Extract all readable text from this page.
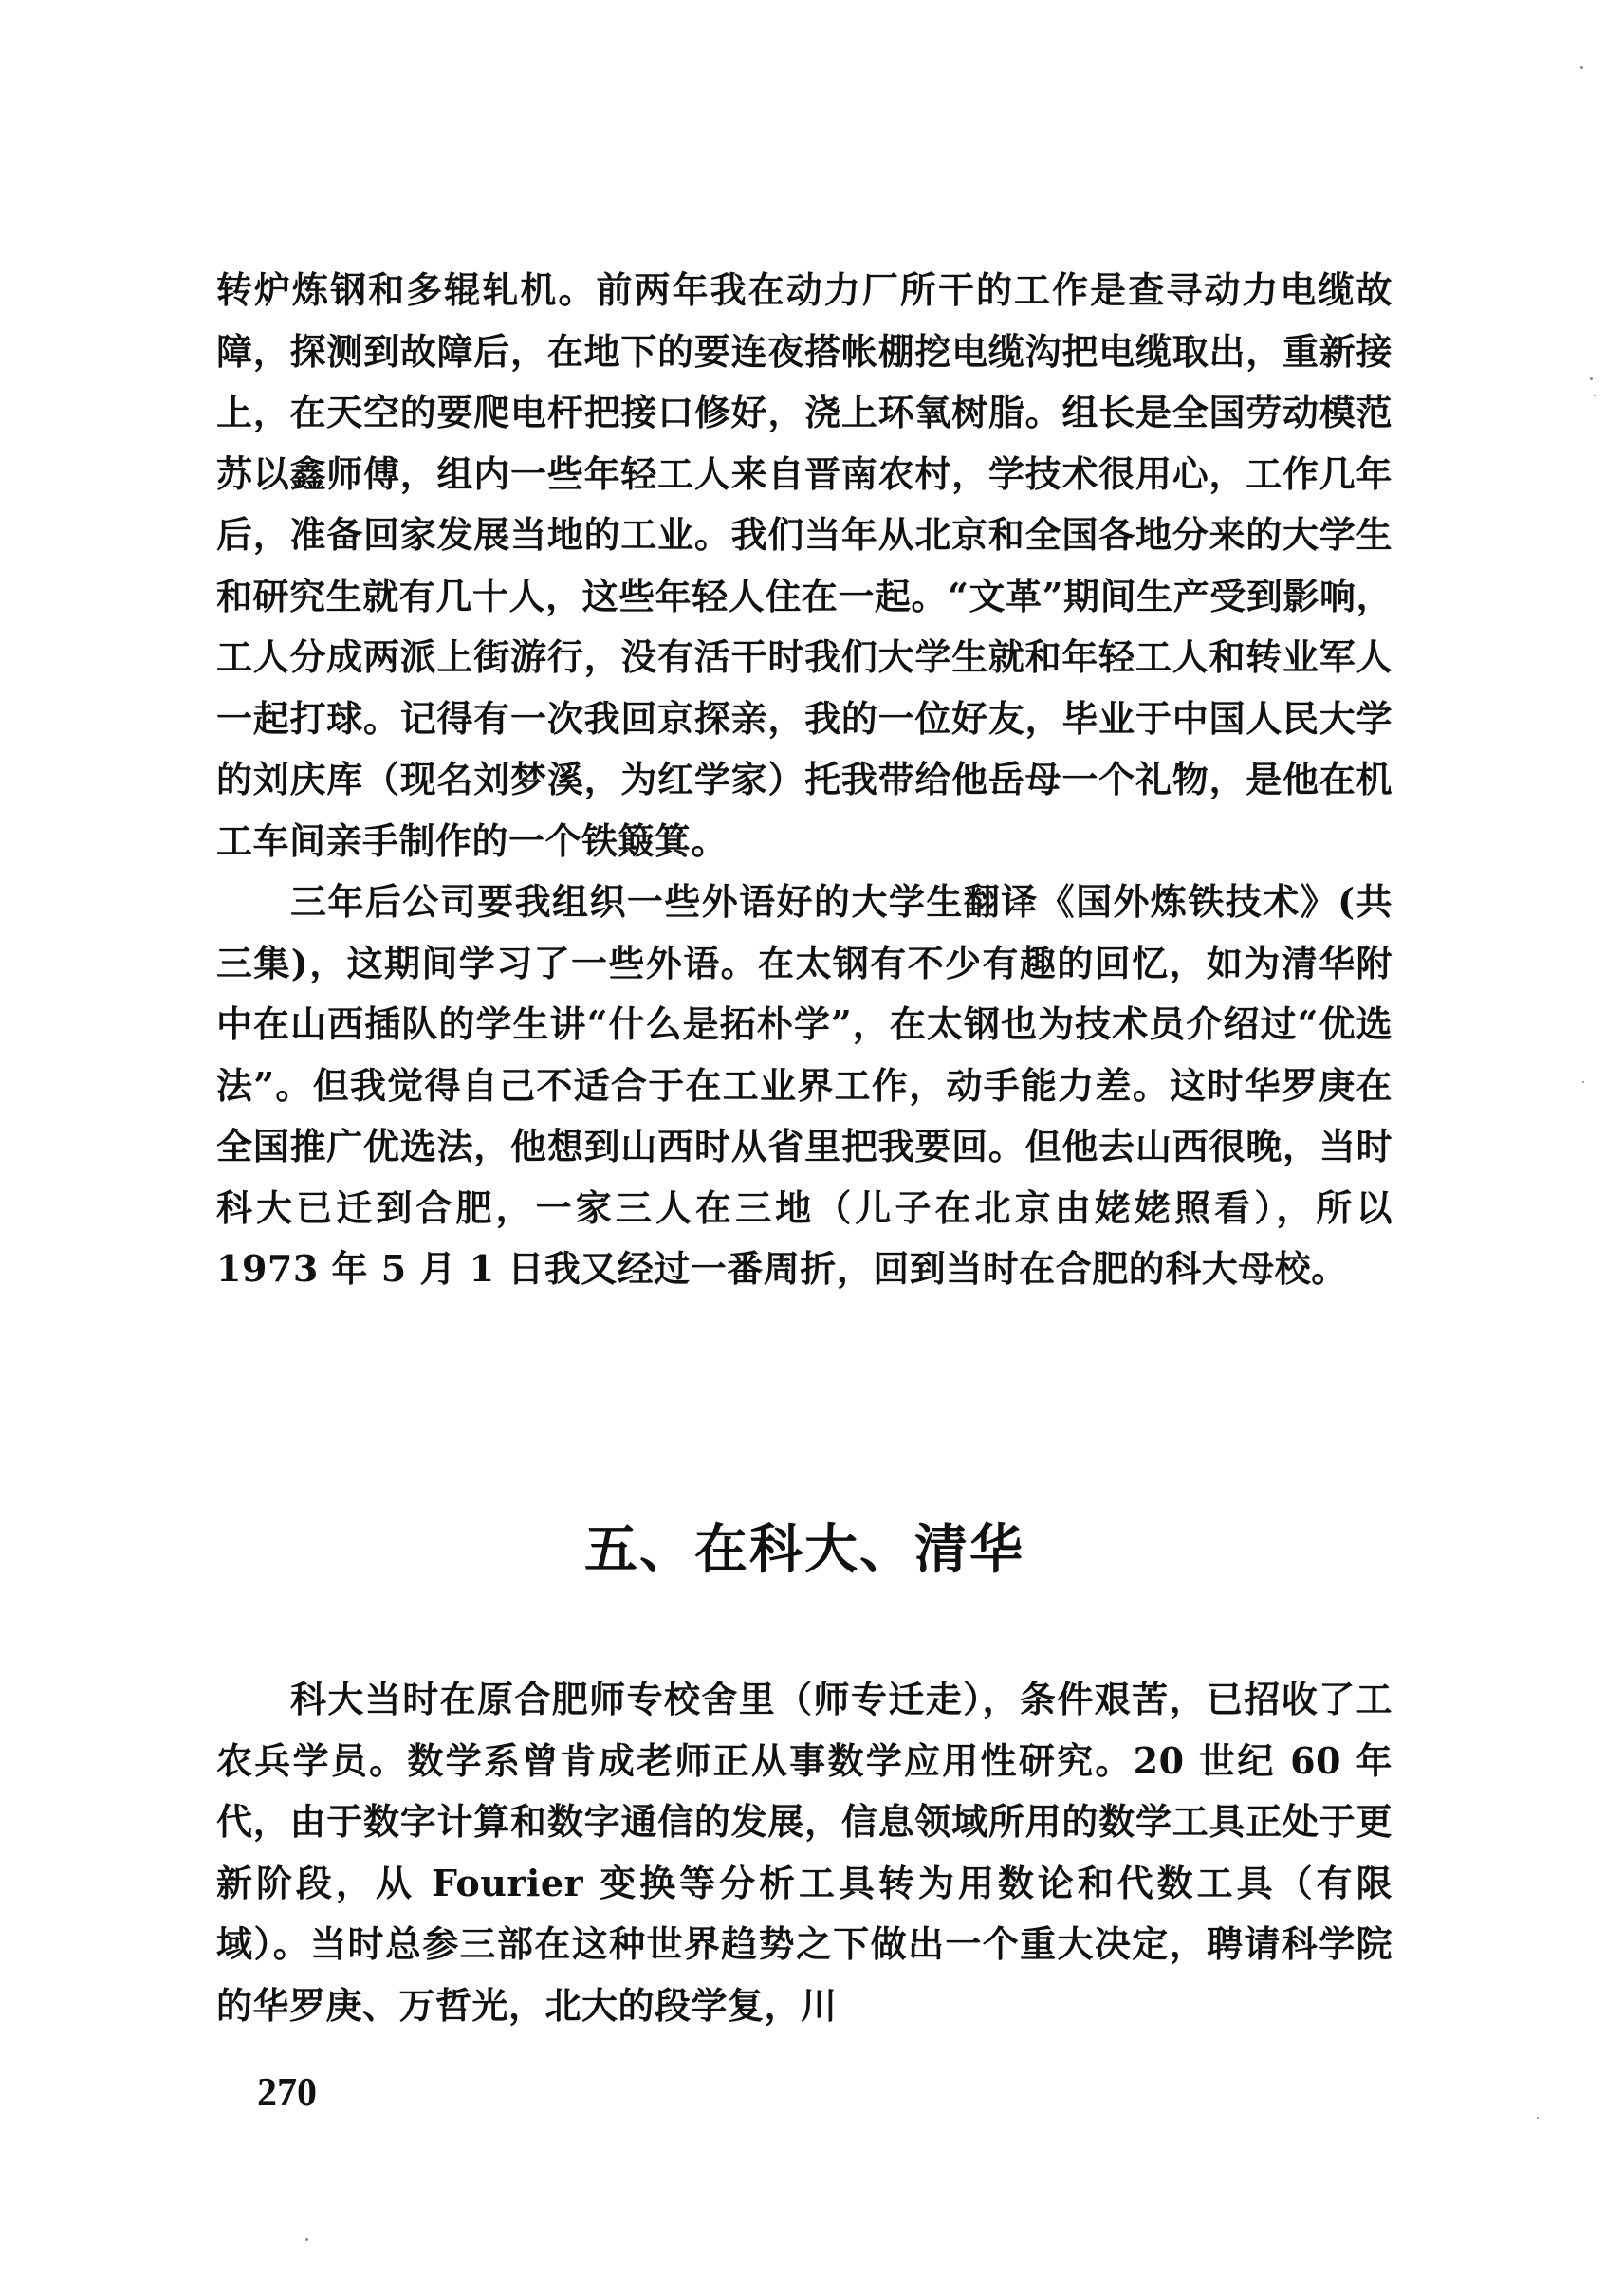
转炉炼钢和多辊轧机。前两年我在动力厂所干的工作是查寻动力电缆故障，探测到故障后，在地下的要连夜搭帐棚挖电缆沟把电缆取出，重新接上，在天空的要爬电杆把接口修好，浇上环氧树脂。组长是全国劳动模范苏以鑫师傅，组内一些年轻工人来自晋南农村，学技术很用心，工作几年后，准备回家发展当地的工业。我们当年从北京和全国各地分来的大学生和研究生就有几十人，这些年轻人住在一起。“文革”期间生产受到影响，工人分成两派上街游行，没有活干时我们大学生就和年轻工人和转业军人一起打球。记得有一次我回京探亲，我的一位好友，毕业于中国人民大学的刘庆库（现名刘梦溪，为红学家）托我带给他岳母一个礼物，是他在机工车间亲手制作的一个铁簸箕。

三年后公司要我组织一些外语好的大学生翻译《国外炼铁技术》(共三集)，这期间学习了一些外语。在太钢有不少有趣的回忆，如为清华附中在山西插队的学生讲“什么是拓朴学”，在太钢也为技术员介绍过“优选法”。但我觉得自己不适合于在工业界工作，动手能力差。这时华罗庚在全国推广优选法，他想到山西时从省里把我要回。但他去山西很晚，当时科大已迁到合肥，一家三人在三地（儿子在北京由姥姥照看），所以 1973 年 5 月 1 日我又经过一番周折，回到当时在合肥的科大母校。

五、在科大、清华

科大当时在原合肥师专校舍里（师专迁走），条件艰苦，已招收了工农兵学员。数学系曾肯成老师正从事数学应用性研究。20 世纪 60 年代，由于数字计算和数字通信的发展，信息领域所用的数学工具正处于更新阶段，从 Fourier 变换等分析工具转为用数论和代数工具（有限域）。当时总参三部在这种世界趋势之下做出一个重大决定，聘请科学院的华罗庚、万哲光，北大的段学复，川

270
